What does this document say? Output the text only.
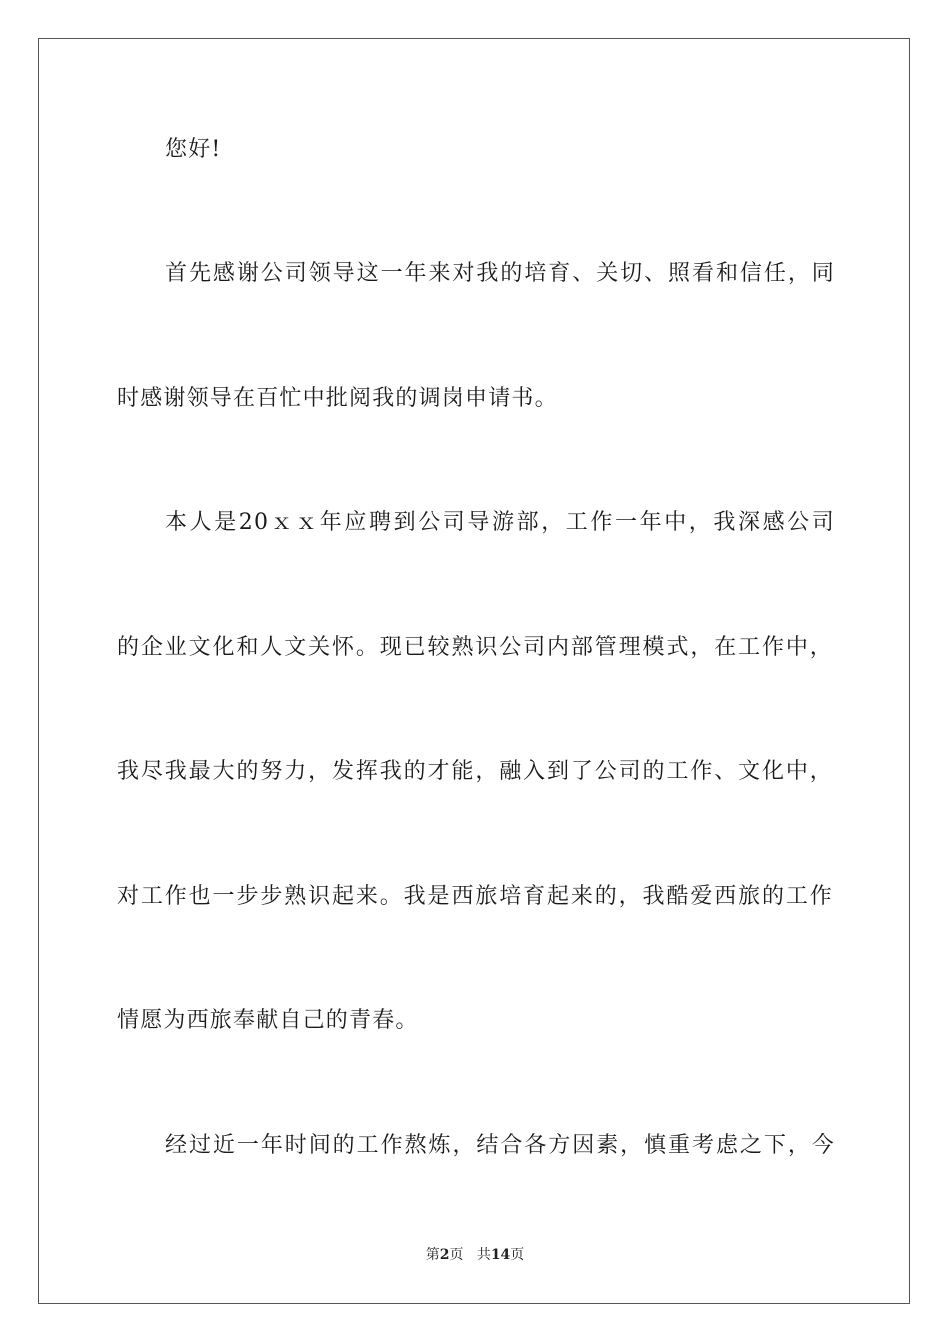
您好!
首先感谢公司领导这一年来对我的培育、关切、照看和信任，同
时感谢领导在百忙中批阅我的调岗申请书。
本人是20ｘｘ年应聘到公司导游部，工作一年中，我深感公司
的企业文化和人文关怀。现已较熟识公司内部管理模式，在工作中，
我尽我最大的努力，发挥我的才能，融入到了公司的工作、文化中，
对工作也一步步熟识起来。我是西旅培育起来的，我酷爱西旅的工作
情愿为西旅奉献自己的青春。
经过近一年时间的工作熬炼，结合各方因素，慎重考虑之下，今
第2页 共14页
